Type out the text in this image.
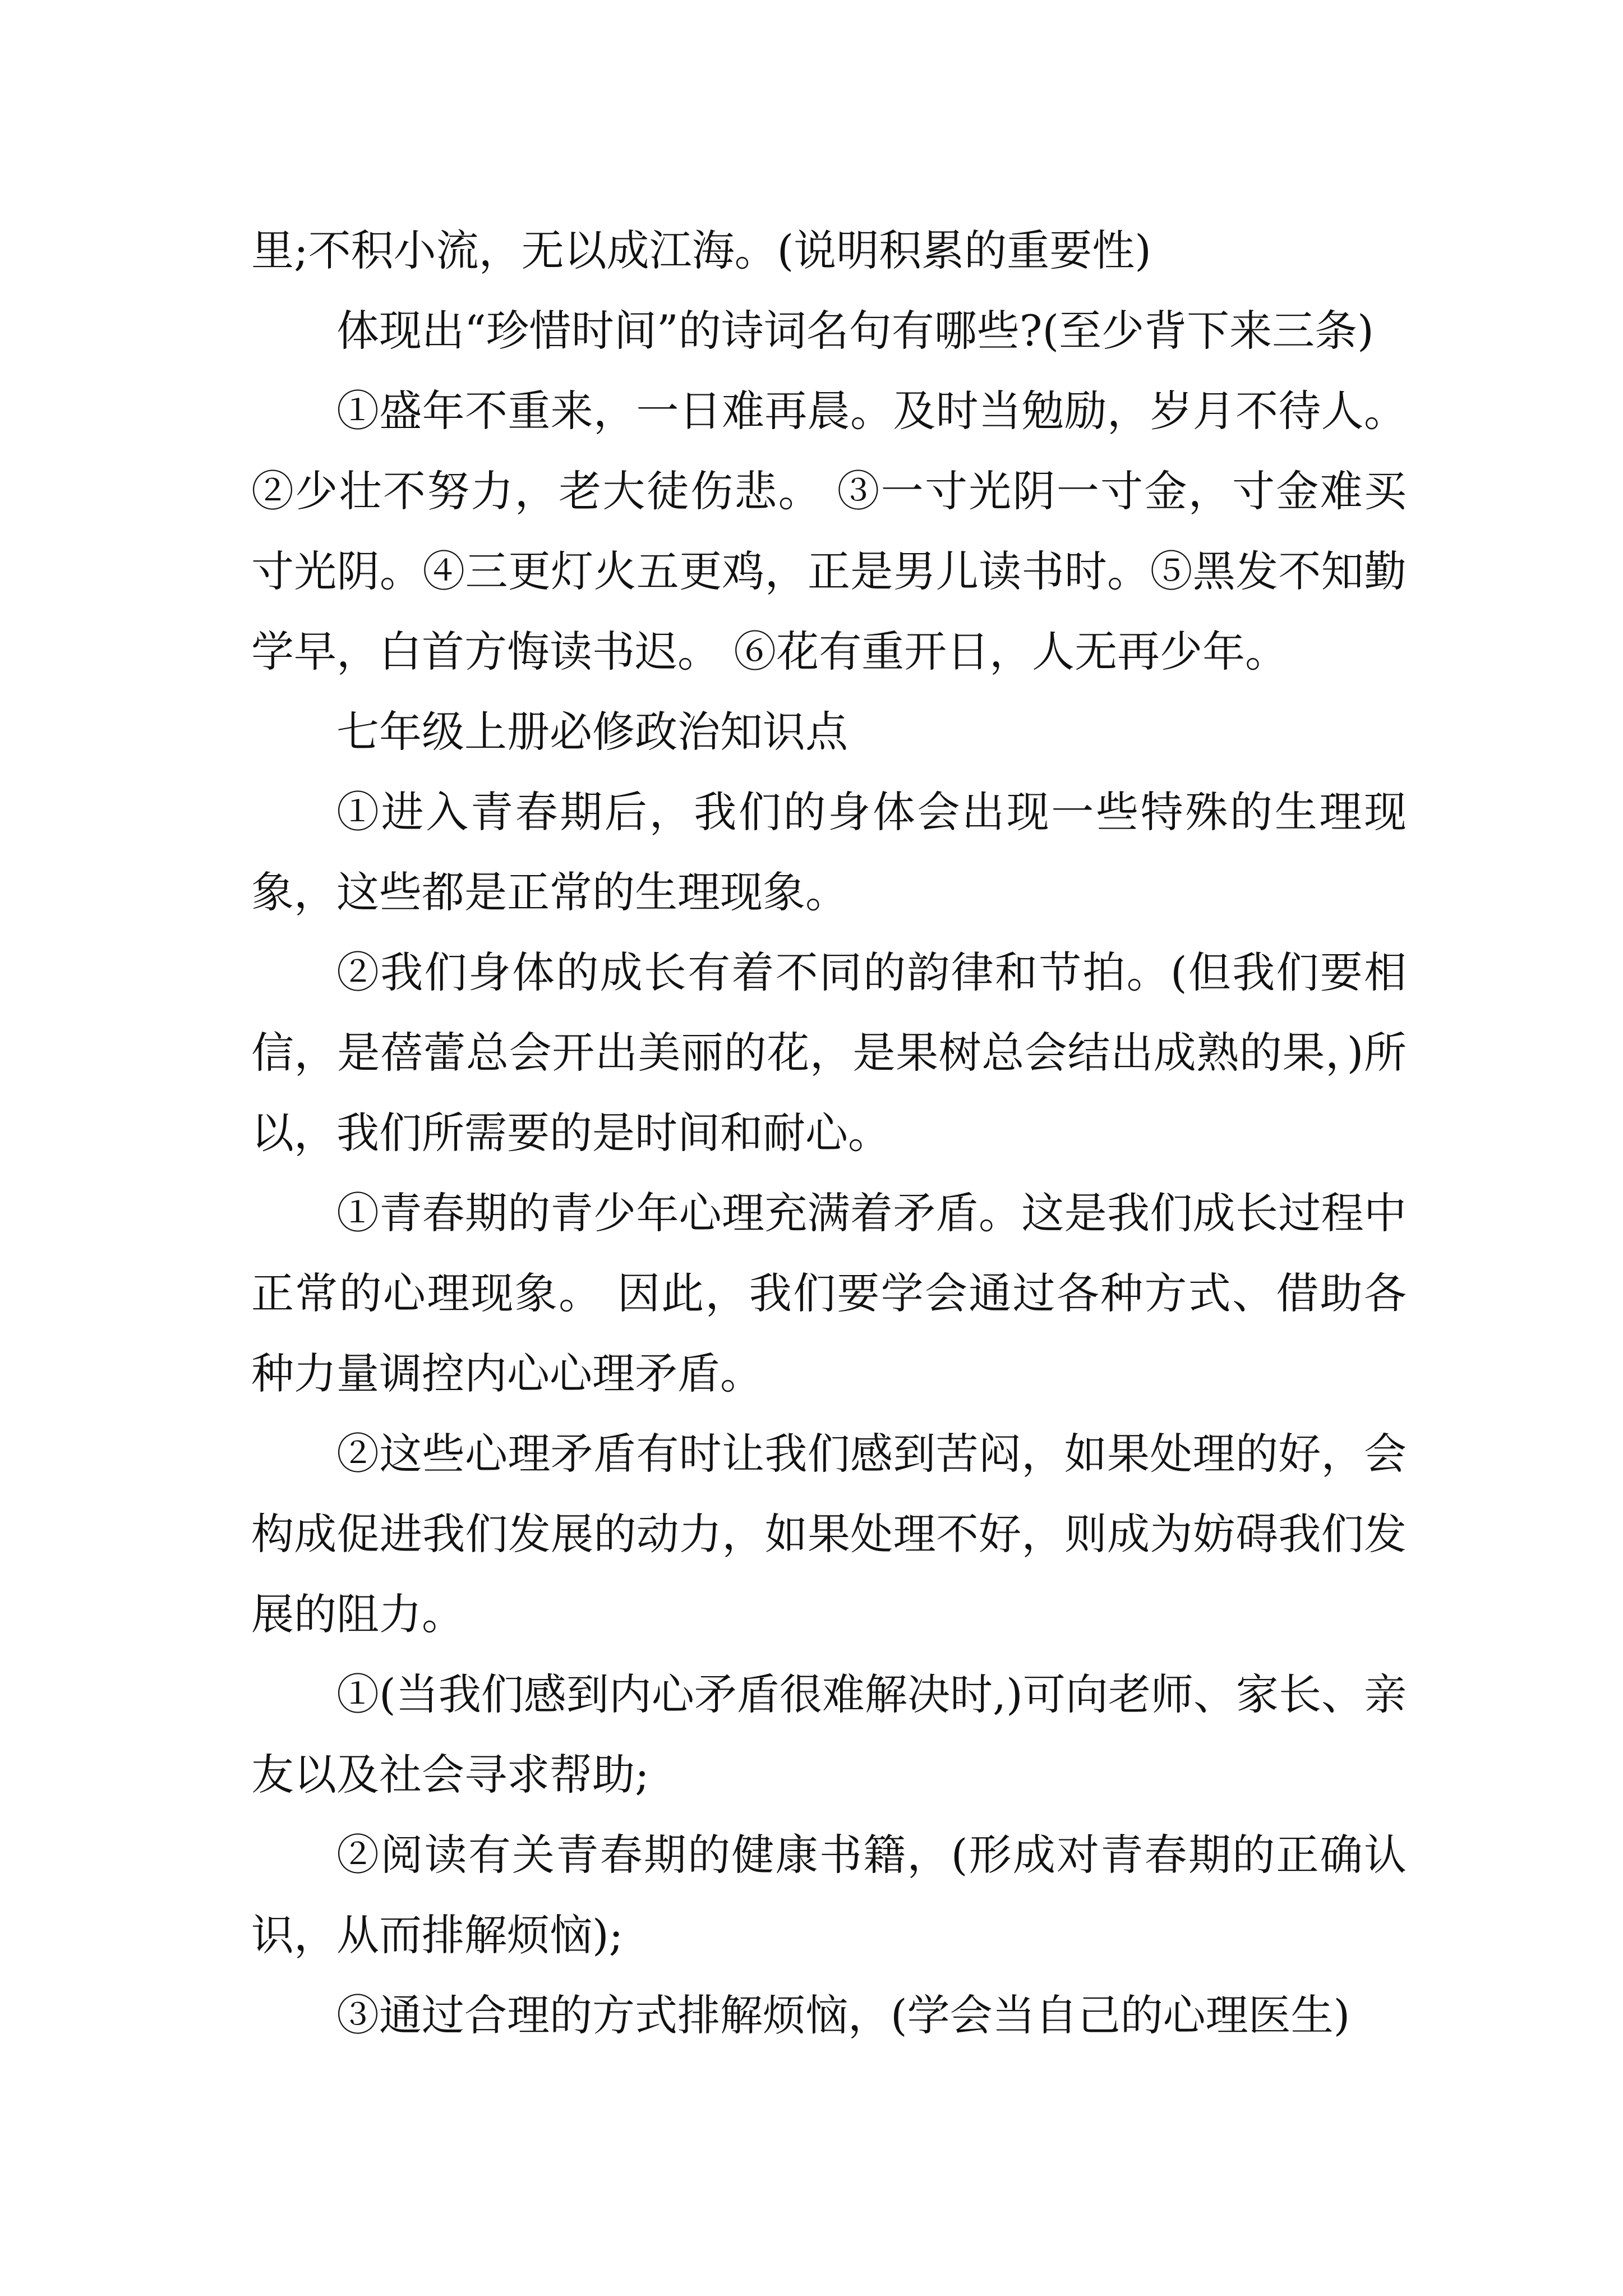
里;不积小流，无以成江海。(说明积累的重要性)

体现出“珍惜时间”的诗词名句有哪些?(至少背下来三条)

①盛年不重来，一日难再晨。及时当勉励，岁月不待人。②少壮不努力，老大徒伤悲。 ③一寸光阴一寸金，寸金难买寸光阴。④三更灯火五更鸡，正是男儿读书时。⑤黑发不知勤学早，白首方悔读书迟。 ⑥花有重开日，人无再少年。

七年级上册必修政治知识点

①进入青春期后，我们的身体会出现一些特殊的生理现象，这些都是正常的生理现象。

②我们身体的成长有着不同的韵律和节拍。(但我们要相信，是蓓蕾总会开出美丽的花，是果树总会结出成熟的果，)所以，我们所需要的是时间和耐心。

①青春期的青少年心理充满着矛盾。这是我们成长过程中正常的心理现象。 因此，我们要学会通过各种方式、借助各种力量调控内心心理矛盾。

②这些心理矛盾有时让我们感到苦闷，如果处理的好，会构成促进我们发展的动力，如果处理不好，则成为妨碍我们发展的阻力。

①(当我们感到内心矛盾很难解决时,)可向老师、家长、亲友以及社会寻求帮助;

②阅读有关青春期的健康书籍，(形成对青春期的正确认识，从而排解烦恼);

③通过合理的方式排解烦恼，(学会当自己的心理医生)
